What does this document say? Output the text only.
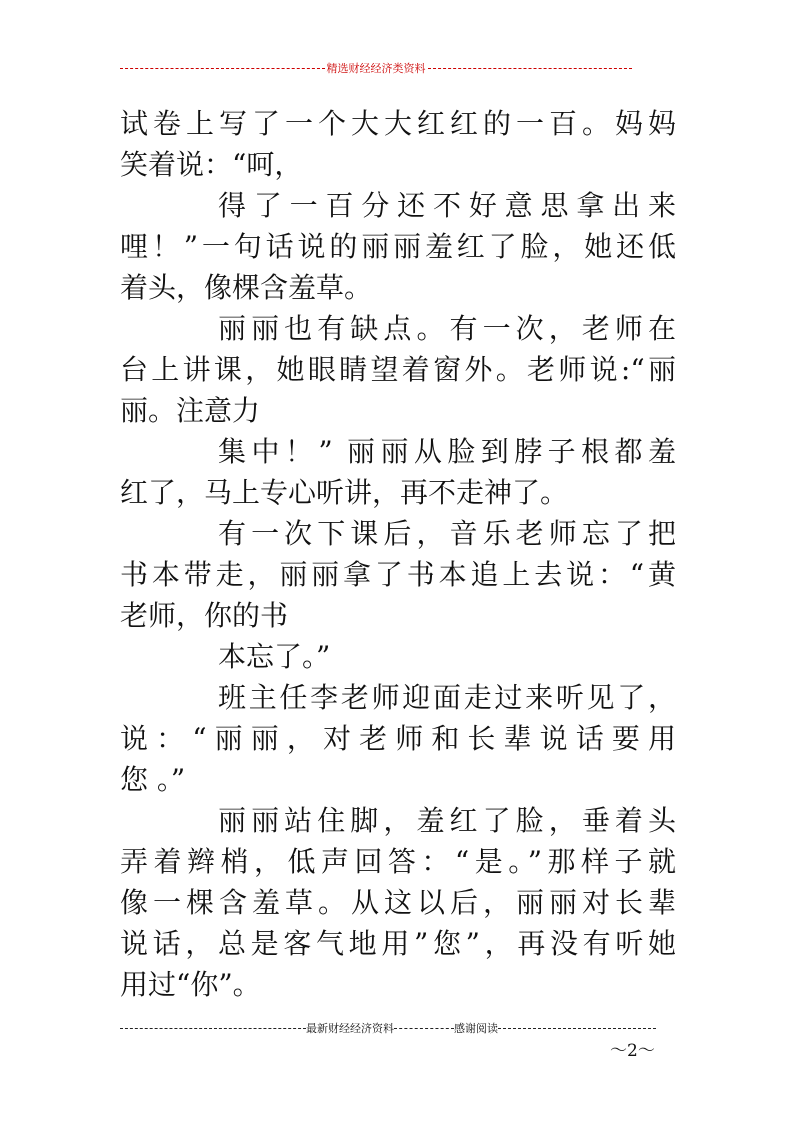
精选财经经济类资料
试卷上写了一个大大红红的一百。妈妈
笑着说：“呵，
得了一百分还不好意思拿出来
哩！”一句话说的丽丽羞红了脸，她还低
着头，像棵含羞草。
丽丽也有缺点。有一次，老师在
台上讲课，她眼睛望着窗外。老师说:“丽
丽。注意力
集中！” 丽丽从脸到脖子根都羞
红了，马上专心听讲，再不走神了。
有一次下课后，音乐老师忘了把
书本带走，丽丽拿了书本追上去说：“黄
老师，你的书
本忘了。”
班主任李老师迎面走过来听见了，
说：“丽丽，对老师和长辈说话要用
您 。”
丽丽站住脚，羞红了脸，垂着头
弄着辫梢，低声回答：“是。”那样子就
像一棵含羞草。从这以后，丽丽对长辈
说话，总是客气地用”您”，再没有听她
用过“你”。
最新财经经济资料	感谢阅读
～2～
